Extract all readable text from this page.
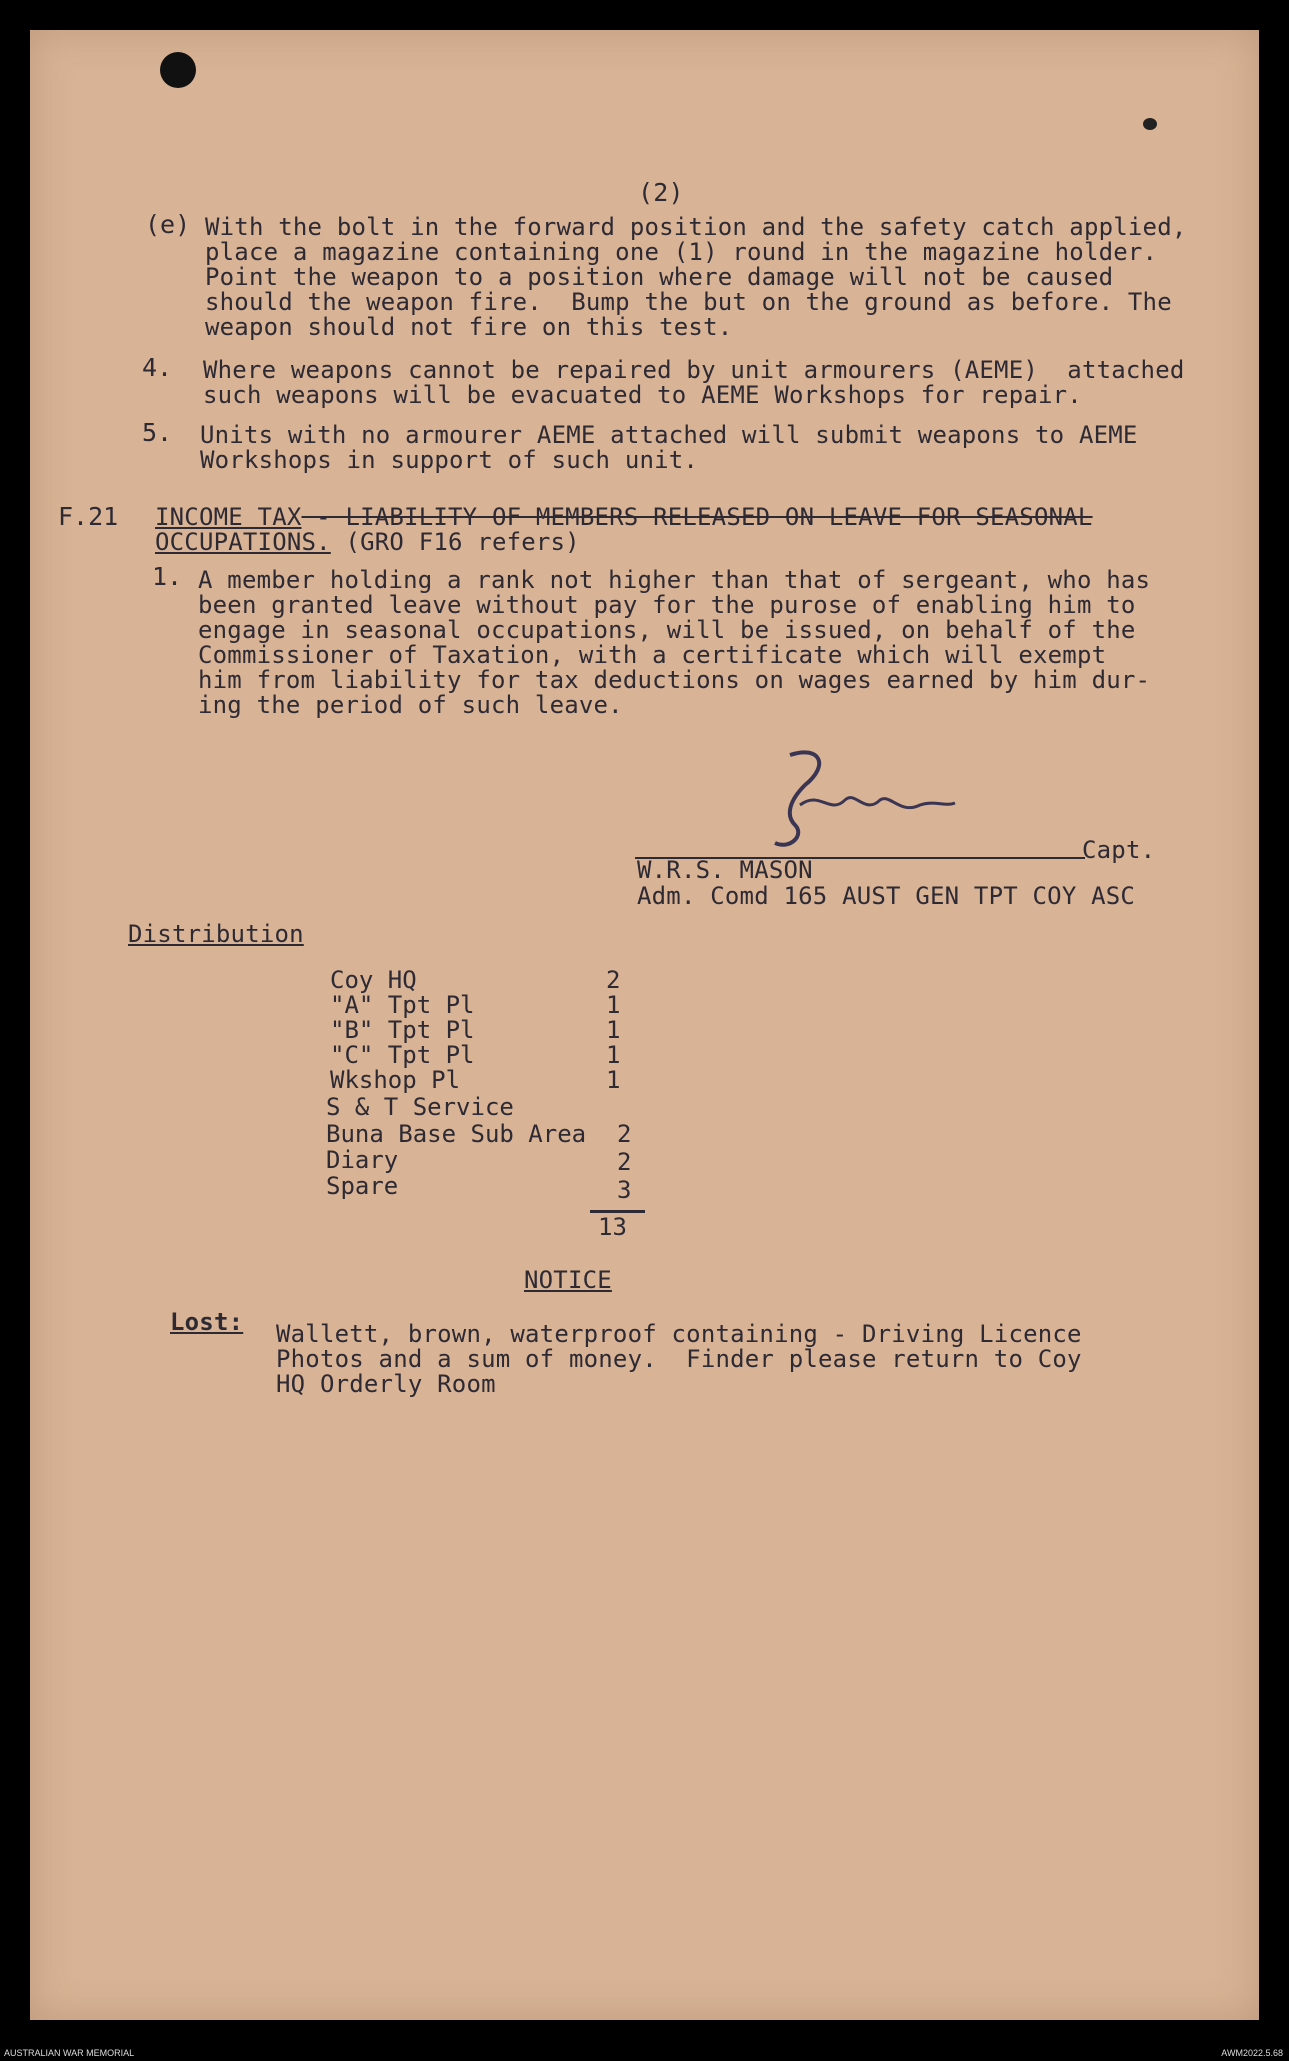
(2)
(e) With the bolt in the forward position and the safety catch applied,
place a magazine containing one (1) round in the magazine holder.
Point the weapon to a position where damage will not be caused
should the weapon fire.  Bump the but on the ground as before. The
weapon should not fire on this test.
4. Where weapons cannot be repaired by unit armourers (AEME)  attached
such weapons will be evacuated to AEME Workshops for repair.
5. Units with no armourer AEME attached will submit weapons to AEME
Workshops in support of such unit.
F.21 INCOME TAX - LIABILITY OF MEMBERS RELEASED ON LEAVE FOR SEASONAL
OCCUPATIONS. (GRO F16 refers)
1. A member holding a rank not higher than that of sergeant, who has
been granted leave without pay for the purose of enabling him to
engage in seasonal occupations, will be issued, on behalf of the
Commissioner of Taxation, with a certificate which will exempt
him from liability for tax deductions on wages earned by him dur-
ing the period of such leave.
Capt.
W.R.S. MASON
Adm. Comd 165 AUST GEN TPT COY ASC
Distribution
Coy HQ	2
"A" Tpt Pl	1
"B" Tpt Pl	1
"C" Tpt Pl	1
Wkshop Pl	1
S & T Service
Buna Base Sub Area 2
Diary	2
Spare	3
13
NOTICE
Lost: Wallett, brown, waterproof containing - Driving Licence
Photos and a sum of money.  Finder please return to Coy
HQ Orderly Room
AUSTRALIAN WAR MEMORIAL	AWM2022.5.68
